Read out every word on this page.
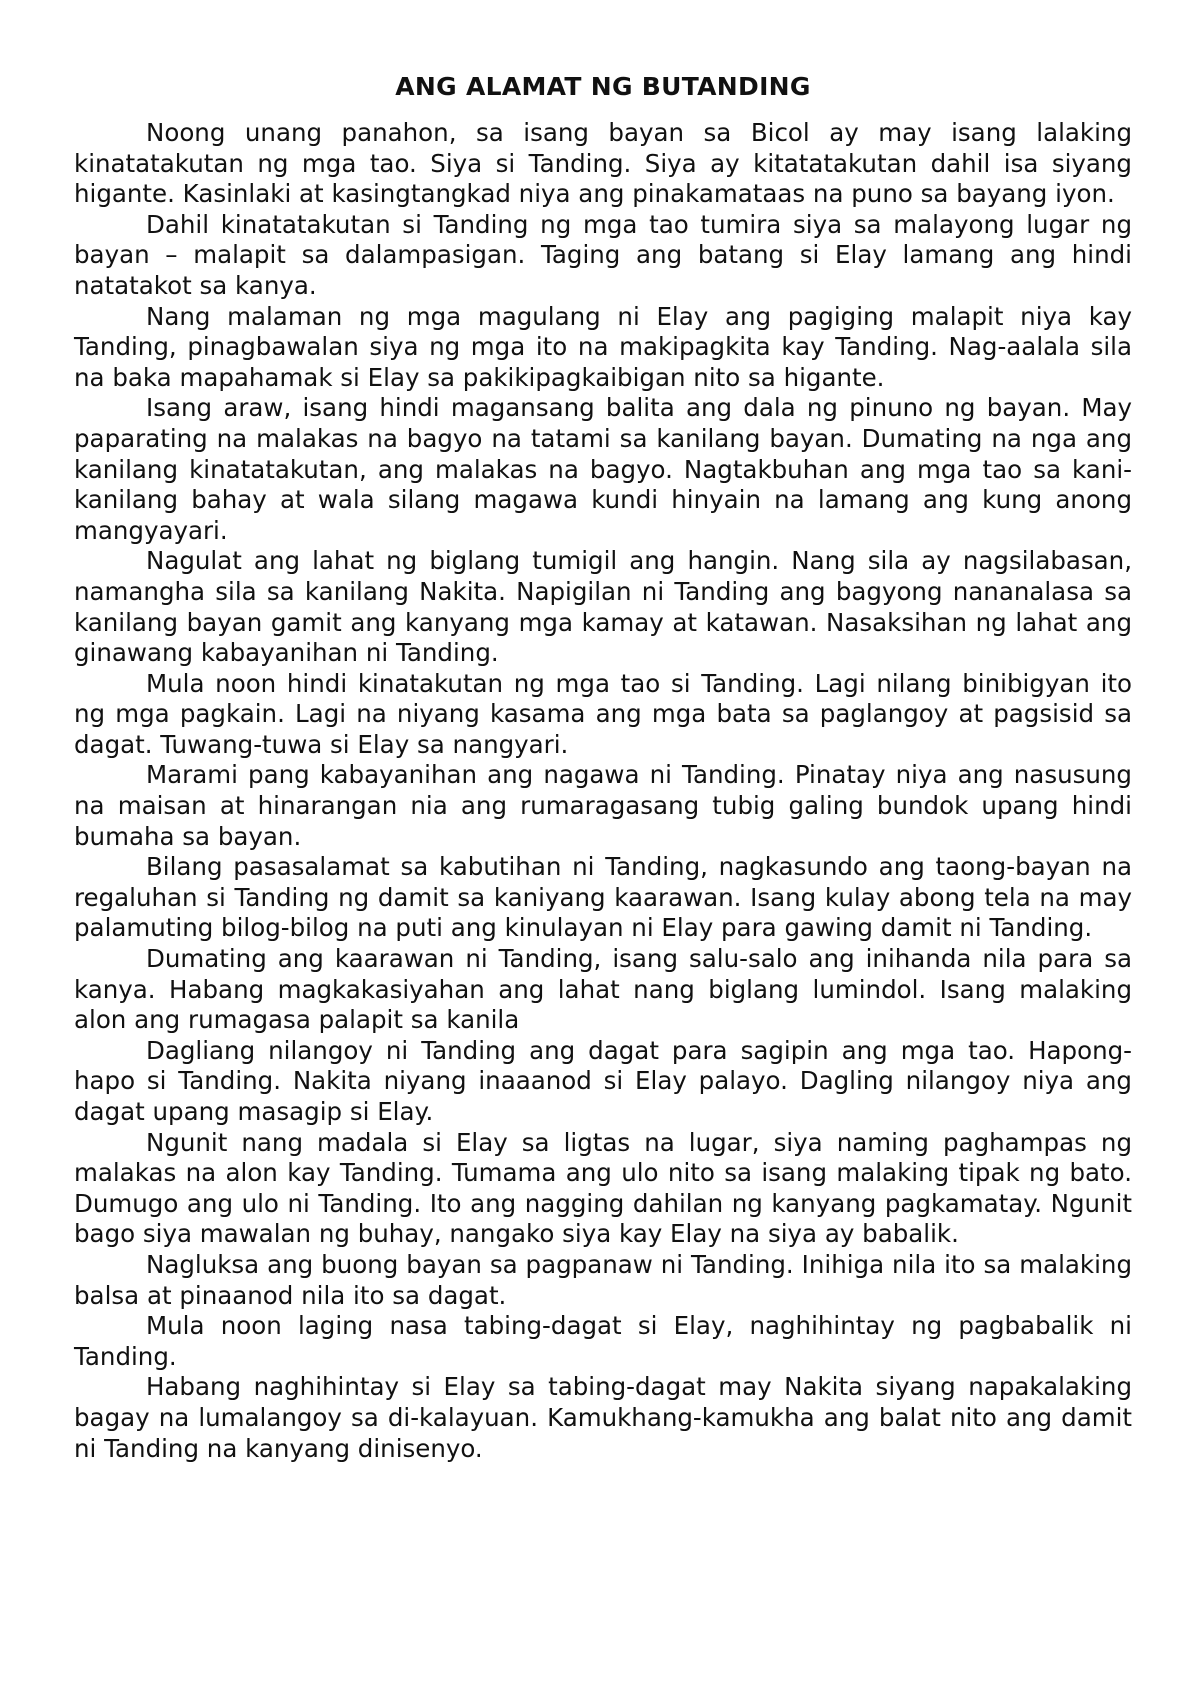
ANG ALAMAT NG BUTANDING

Noong unang panahon, sa isang bayan sa Bicol ay may isang lalaking kinatatakutan ng mga tao. Siya si Tanding. Siya ay kitatatakutan dahil isa siyang higante. Kasinlaki at kasingtangkad niya ang pinakamataas na puno sa bayang iyon.

Dahil kinatatakutan si Tanding ng mga tao tumira siya sa malayong lugar ng bayan – malapit sa dalampasigan. Taging ang batang si Elay lamang ang hindi natatakot sa kanya.

Nang malaman ng mga magulang ni Elay ang pagiging malapit niya kay Tanding, pinagbawalan siya ng mga ito na makipagkita kay Tanding. Nag-aalala sila na baka mapahamak si Elay sa pakikipagkaibigan nito sa higante.

Isang araw, isang hindi magansang balita ang dala ng pinuno ng bayan. May paparating na malakas na bagyo na tatami sa kanilang bayan. Dumating na nga ang kanilang kinatatakutan, ang malakas na bagyo. Nagtakbuhan ang mga tao sa kani-kanilang bahay at wala silang magawa kundi hinyain na lamang ang kung anong mangyayari.

Nagulat ang lahat ng biglang tumigil ang hangin. Nang sila ay nagsilabasan, namangha sila sa kanilang Nakita. Napigilan ni Tanding ang bagyong nananalasa sa kanilang bayan gamit ang kanyang mga kamay at katawan. Nasaksihan ng lahat ang ginawang kabayanihan ni Tanding.

Mula noon hindi kinatakutan ng mga tao si Tanding. Lagi nilang binibigyan ito ng mga pagkain. Lagi na niyang kasama ang mga bata sa paglangoy at pagsisid sa dagat. Tuwang-tuwa si Elay sa nangyari.

Marami pang kabayanihan ang nagawa ni Tanding. Pinatay niya ang nasusung na maisan at hinarangan nia ang rumaragasang tubig galing bundok upang hindi bumaha sa bayan.

Bilang pasasalamat sa kabutihan ni Tanding, nagkasundo ang taong-bayan na regaluhan si Tanding ng damit sa kaniyang kaarawan. Isang kulay abong tela na may palamuting bilog-bilog na puti ang kinulayan ni Elay para gawing damit ni Tanding.

Dumating ang kaarawan ni Tanding, isang salu-salo ang inihanda nila para sa kanya. Habang magkakasiyahan ang lahat nang biglang lumindol. Isang malaking alon ang rumagasa palapit sa kanila

Dagliang nilangoy ni Tanding ang dagat para sagipin ang mga tao. Hapong-hapo si Tanding. Nakita niyang inaaanod si Elay palayo. Dagling nilangoy niya ang dagat upang masagip si Elay.

Ngunit nang madala si Elay sa ligtas na lugar, siya naming paghampas ng malakas na alon kay Tanding. Tumama ang ulo nito sa isang malaking tipak ng bato. Dumugo ang ulo ni Tanding. Ito ang nagging dahilan ng kanyang pagkamatay. Ngunit bago siya mawalan ng buhay, nangako siya kay Elay na siya ay babalik.

Nagluksa ang buong bayan sa pagpanaw ni Tanding. Inihiga nila ito sa malaking balsa at pinaanod nila ito sa dagat.

Mula noon laging nasa tabing-dagat si Elay, naghihintay ng pagbabalik ni Tanding.

Habang naghihintay si Elay sa tabing-dagat may Nakita siyang napakalaking bagay na lumalangoy sa di-kalayuan. Kamukhang-kamukha ang balat nito ang damit ni Tanding na kanyang dinisenyo.
